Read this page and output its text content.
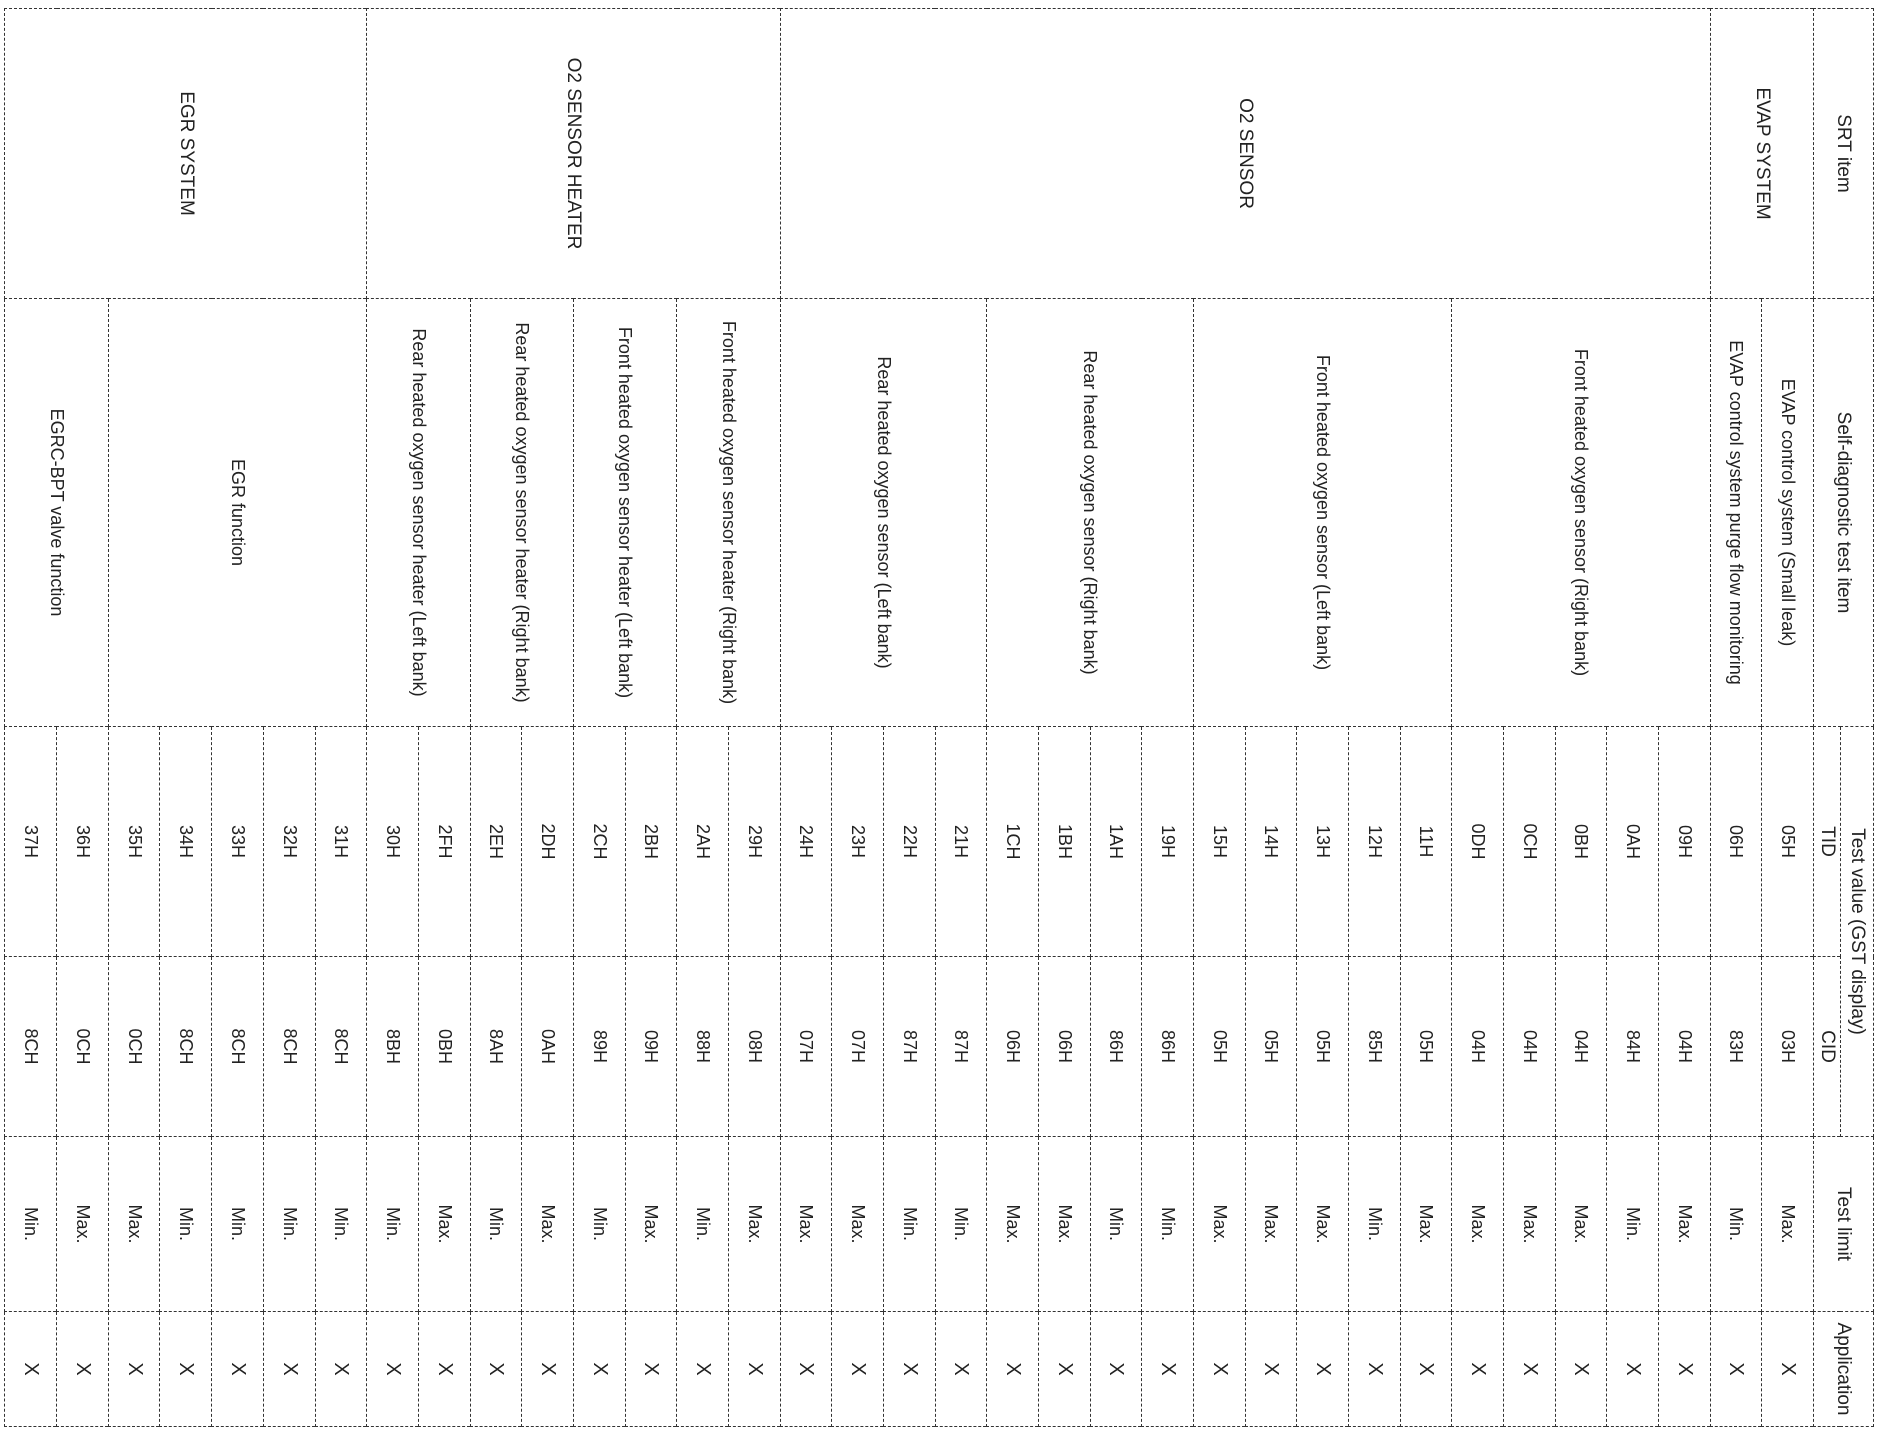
SRT item	Self-diagnostic test item	Test value (GST display)		Test limit	Application
		TID	CID		
EVAP SYSTEM	EVAP control system (Small leak)	05H	03H	Max.	X
	EVAP control system purge flow monitoring	06H	83H	Min.	X
O2 SENSOR	Front heated oxygen sensor (Right bank)	09H	04H	Max.	X
		0AH	84H	Min.	X
		0BH	04H	Max.	X
		0CH	04H	Max.	X
		0DH	04H	Max.	X
	Front heated oxygen sensor (Left bank)	11H	05H	Max.	X
		12H	85H	Min.	X
		13H	05H	Max.	X
		14H	05H	Max.	X
		15H	05H	Max.	X
	Rear heated oxygen sensor (Right bank)	19H	86H	Min.	X
		1AH	86H	Min.	X
		1BH	06H	Max.	X
		1CH	06H	Max.	X
	Rear heated oxygen sensor (Left bank)	21H	87H	Min.	X
		22H	87H	Min.	X
		23H	07H	Max.	X
		24H	07H	Max.	X
O2 SENSOR HEATER	Front heated oxygen sensor heater (Right bank)	29H	08H	Max.	X
		2AH	88H	Min.	X
	Front heated oxygen sensor heater (Left bank)	2BH	09H	Max.	X
		2CH	89H	Min.	X
	Rear heated oxygen sensor heater (Right bank)	2DH	0AH	Max.	X
		2EH	8AH	Min.	X
	Rear heated oxygen sensor heater (Left bank)	2FH	0BH	Max.	X
		30H	8BH	Min.	X
EGR SYSTEM	EGR function	31H	8CH	Min.	X
		32H	8CH	Min.	X
		33H	8CH	Min.	X
		34H	8CH	Min.	X
		35H	0CH	Max.	X
	EGRC-BPT valve function	36H	0CH	Max.	X
		37H	8CH	Min.	X
